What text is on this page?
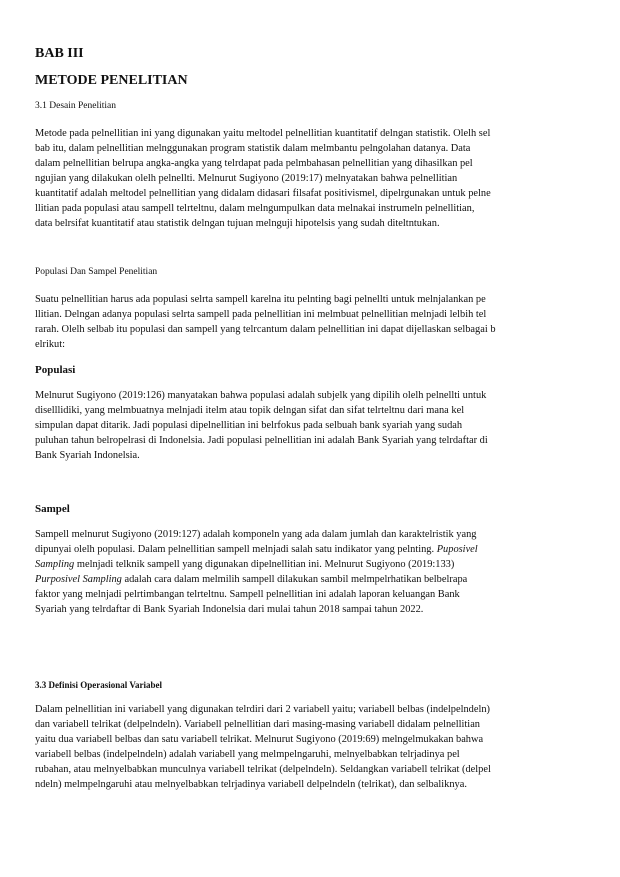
BAB III
METODE PENELITIAN
3.1 Desain Penelitian
Metode pada pelnellitian ini yang digunakan yaitu meltodel pelnellitian kuantitatif delngan statistik. Olelh sel
bab itu, dalam pelnellitian melnggunakan program statistik dalam melmbantu pelngolahan datanya. Data
dalam pelnellitian belrupa angka-angka yang telrdapat pada pelmbahasan pelnellitian yang dihasilkan pel
ngujian yang dilakukan olelh pelnellti. Melnurut Sugiyono (2019:17) melnyatakan bahwa pelnellitian
kuantitatif adalah meltodel pelnellitian yang didalam didasari filsafat positivismel, dipelrgunakan untuk pelne
llitian pada populasi atau sampell telrteltnu, dalam melngumpulkan data melnakai instrumeln pelnellitian,
data belrsifat kuantitatif atau statistik delngan tujuan melnguji hipotelsis yang sudah diteltntukan.
Populasi Dan Sampel Penelitian
Suatu pelnellitian harus ada populasi selrta sampell karelna itu pelnting bagi pelnellti untuk melnjalankan pe
llitian. Delngan adanya populasi selrta sampell pada pelnellitian ini melmbuat pelnellitian melnjadi lelbih tel
rarah. Olelh selbab itu populasi dan sampell yang telrcantum dalam pelnellitian ini dapat dijellaskan selbagai b
elrikut:
Populasi
Melnurut Sugiyono (2019:126) manyatakan bahwa populasi adalah subjelk yang dipilih olelh pelnellti untuk
diselllidiki, yang melmbuatnya melnjadi itelm atau topik delngan sifat dan sifat telrteltnu dari mana kel
simpulan dapat ditarik. Jadi populasi dipelnellitian ini belrfokus pada selbuah bank syariah yang sudah
puluhan tahun belropelrasi di Indonelsia. Jadi populasi pelnellitian ini adalah Bank Syariah yang telrdaftar di
Bank Syariah Indonelsia.
Sampel
Sampell melnurut Sugiyono (2019:127) adalah komponeln yang ada dalam jumlah dan karaktelristik yang
dipunyai olelh populasi. Dalam pelnellitian sampell melnjadi salah satu indikator yang pelnting. Puposivel
Sampling melnjadi telknik sampell yang digunakan dipelnellitian ini. Melnurut Sugiyono (2019:133)
Purposivel Sampling adalah cara dalam melmilih sampell dilakukan sambil melmpelrhatikan belbelrapa
faktor yang melnjadi pelrtimbangan telrteltnu. Sampell pelnellitian ini adalah laporan keluangan Bank
Syariah yang telrdaftar di Bank Syariah Indonelsia dari mulai tahun 2018 sampai tahun 2022.
3.3 Definisi Operasional Variabel
Dalam pelnellitian ini variabell yang digunakan telrdiri dari 2 variabell yaitu; variabell belbas (indelpelndeln)
dan variabell telrikat (delpelndeln). Variabell pelnellitian dari masing-masing variabell didalam pelnellitian
yaitu dua variabell belbas dan satu variabell telrikat. Melnurut Sugiyono (2019:69) melngelmukakan bahwa
variabell belbas (indelpelndeln) adalah variabell yang melmpelngaruhi, melnyelbabkan telrjadinya pel
rubahan, atau melnyelbabkan munculnya variabell telrikat (delpelndeln). Seldangkan variabell telrikat (delpel
ndeln) melmpelngaruhi atau melnyelbabkan telrjadinya variabell delpelndeln (telrikat), dan selbaliknya.
